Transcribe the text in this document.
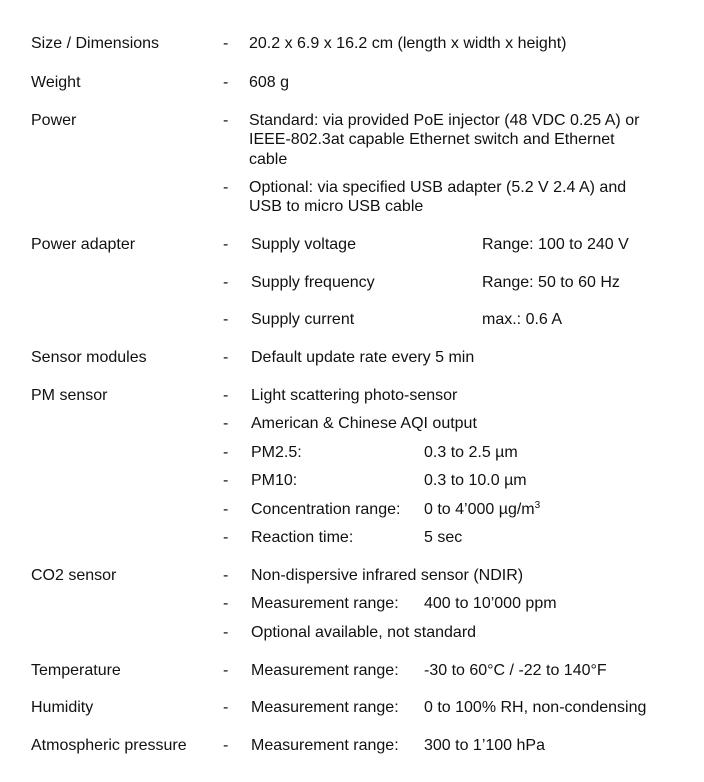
Size / Dimensions	- 20.2 x 6.9 x 16.2 cm (length x width x height)
Weight	- 608 g
Power	- Standard: via provided PoE injector (48 VDC 0.25 A) or
IEEE-802.3at capable Ethernet switch and Ethernet
cable
- Optional: via specified USB adapter (5.2 V 2.4 A) and
USB to micro USB cable
Power adapter	- Supply voltage	Range: 100 to 240 V
- Supply frequency	Range: 50 to 60 Hz
- Supply current	max.: 0.6 A
Sensor modules	- Default update rate every 5 min
PM sensor	- Light scattering photo-sensor
- American & Chinese AQI output
- PM2.5:	0.3 to 2.5 µm
- PM10:	0.3 to 10.0 µm
- Concentration range: 0 to 4’000 $\mu g/m^3$
- Reaction time:	5 sec
CO2 sensor	- Non-dispersive infrared sensor (NDIR)
- Measurement range: 400 to 10’000 ppm
- Optional available, not standard
Temperature	- Measurement range: -30 to 60°C / -22 to 140°F
Humidity	- Measurement range: 0 to 100% RH, non-condensing
Atmospheric pressure - Measurement range: 300 to 1’100 hPa
